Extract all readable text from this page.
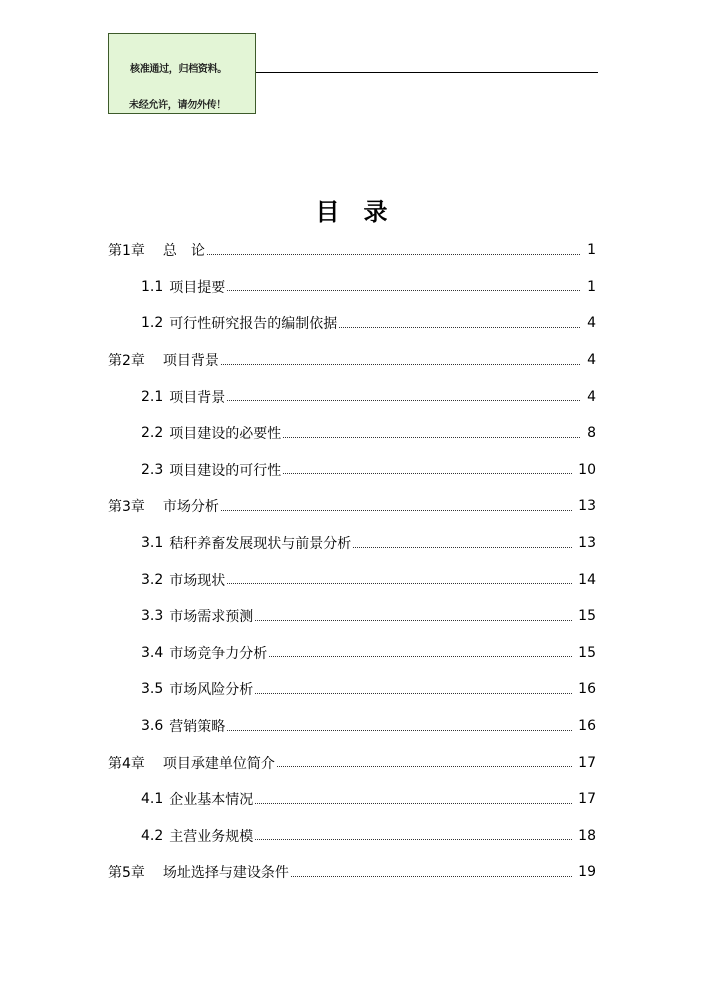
核准通过，归档资料。
未经允许，请勿外传！
目录
第1章 总　论	1
1.1 项目提要	1
1.2 可行性研究报告的编制依据	4
第2章 项目背景	4
2.1 项目背景	4
2.2 项目建设的必要性	8
2.3 项目建设的可行性	10
第3章 市场分析	13
3.1 秸秆养畜发展现状与前景分析	13
3.2 市场现状	14
3.3 市场需求预测	15
3.4 市场竞争力分析	15
3.5 市场风险分析	16
3.6 营销策略	16
第4章 项目承建单位简介	17
4.1 企业基本情况	17
4.2 主营业务规模	18
第5章 场址选择与建设条件	19
